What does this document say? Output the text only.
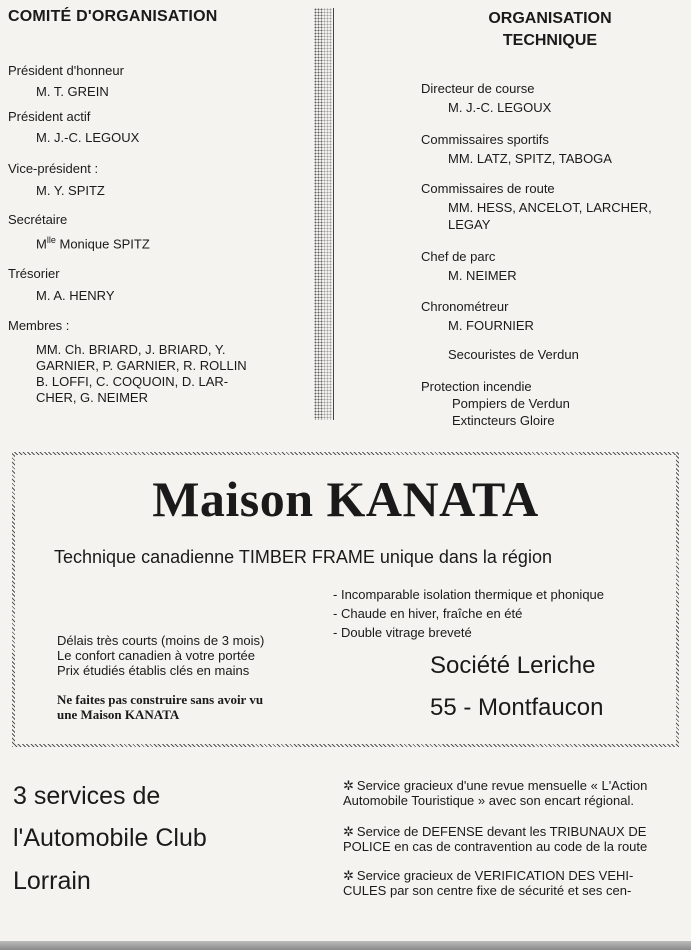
COMITÉ D'ORGANISATION

Président d'honneur

M. T. GREIN

Président actif

M. J.-C. LEGOUX

Vice-président :

M. Y. SPITZ

Secrétaire

$M^{lle}$ Monique SPITZ

Trésorier

M. A. HENRY

Membres :

MM. Ch. BRIARD, J. BRIARD, Y.
GARNIER, P. GARNIER, R. ROLLIN
B. LOFFI, C. COQUOIN, D. LAR-
CHER, G. NEIMER
ORGANISATION
TECHNIQUE

Directeur de course

M. J.-C. LEGOUX

Commissaires sportifs

MM. LATZ, SPITZ, TABOGA

Commissaires de route

MM. HESS, ANCELOT, LARCHER,

LEGAY

Chef de parc

M. NEIMER

Chronométreur

M. FOURNIER

Secouristes de Verdun

Protection incendie

Pompiers de Verdun

Extincteurs Gloire

Maison KANATA
Technique canadienne TIMBER FRAME unique dans la région
- Incomparable isolation thermique et phonique
- Chaude en hiver, fraîche en été
- Double vitrage breveté
Délais très courts (moins de 3 mois)
Le confort canadien à votre portée
Prix étudiés établis clés en mains
Ne faites pas construire sans avoir vu
une Maison KANATA
Société Leriche
55 - Montfaucon
3 services de
l'Automobile Club
Lorrain
✲ Service gracieux d'une revue mensuelle « L'Action
Automobile Touristique » avec son encart régional.
✲ Service de DEFENSE devant les TRIBUNAUX DE
POLICE en cas de contravention au code de la route
✲ Service gracieux de VERIFICATION DES VEHI-
CULES par son centre fixe de sécurité et ses cen-
